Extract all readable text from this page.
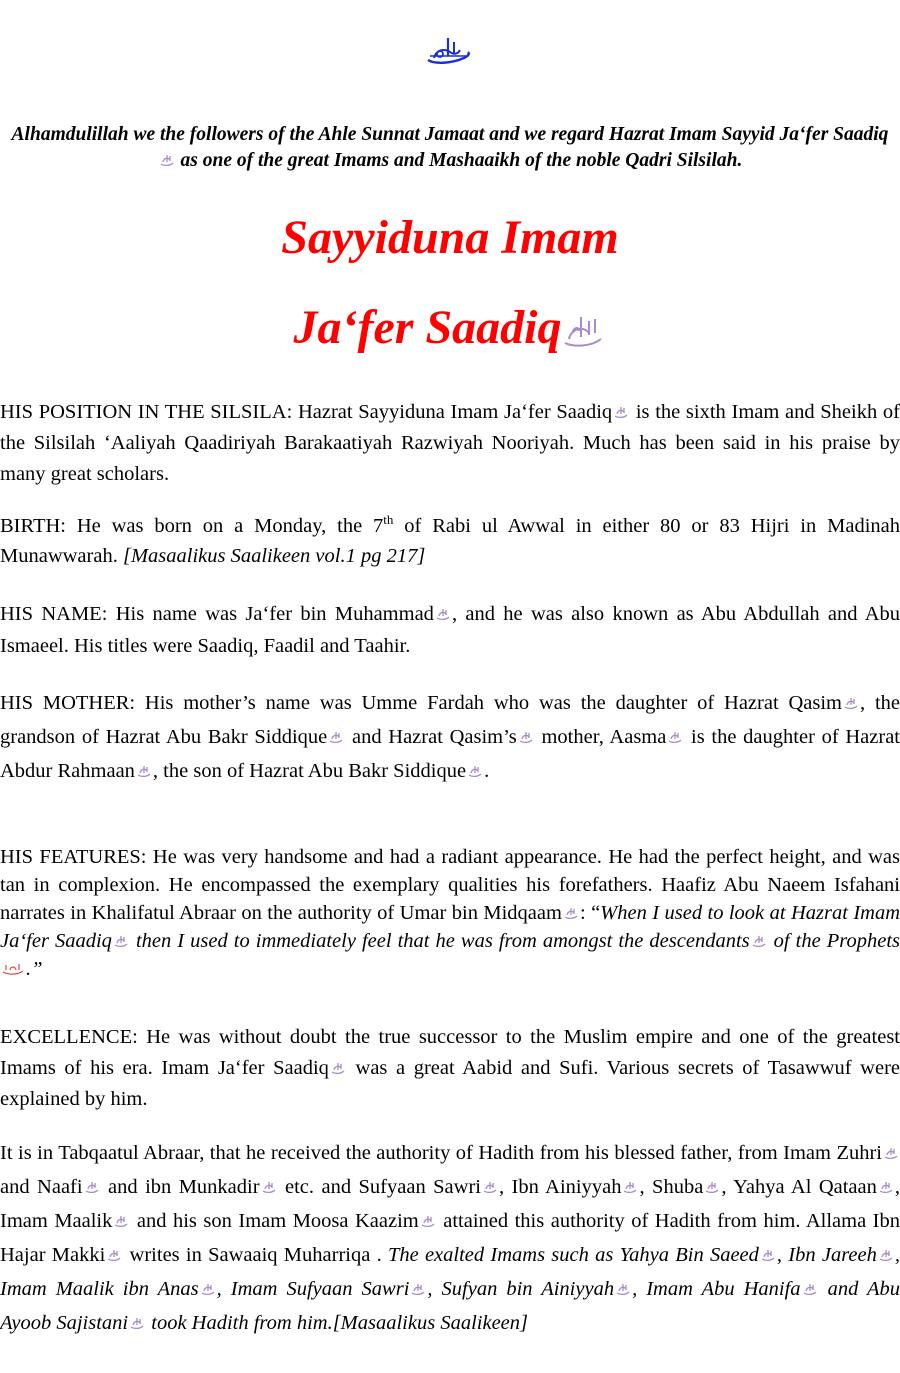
Alhamdulillah we the followers of the Ahle Sunnat Jamaat and we regard Hazrat Imam Sayyid Ja‘fer Saadiq
as one of the great Imams and Mashaaikh of the noble Qadri Silsilah.
Sayyiduna Imam
Ja‘fer Saadiq
HIS POSITION IN THE SILSILA: Hazrat Sayyiduna Imam Ja‘fer Saadiq
is the sixth Imam and Sheikh of the Silsilah ‘Aaliyah Qaadiriyah Barakaatiyah Razwiyah Nooriyah. Much has been said in his praise by many great scholars.
BIRTH: He was born on a Monday, the 7th of Rabi ul Awwal in either 80 or 83 Hijri in Madinah Munawwarah. [Masaalikus Saalikeen vol.1 pg 217]
HIS NAME: His name was Ja‘fer bin Muhammad , and he was also known as Abu Abdullah and Abu Ismaeel. His titles were Saadiq, Faadil and Taahir.
HIS MOTHER: His mother’s name was Umme Fardah who was the daughter of Hazrat Qasim , the grandson of Hazrat Abu Bakr Siddique
and Hazrat Qasim’s
mother, Aasma
is the daughter of Hazrat Abdur Rahmaan , the son of Hazrat Abu Bakr Siddique .
HIS FEATURES: He was very handsome and had a radiant appearance. He had the perfect height, and was tan in complexion. He encompassed the exemplary qualities his forefathers. Haafiz Abu Naeem Isfahani narrates in Khalifatul Abraar on the authority of Umar bin Midqaam : “When I used to look at Hazrat Imam Ja‘fer Saadiq
then I used to immediately feel that he was from amongst the descendants
of the Prophets
.”
EXCELLENCE: He was without doubt the true successor to the Muslim empire and one of the greatest Imams of his era. Imam Ja‘fer Saadiq
was a great Aabid and Sufi. Various secrets of Tasawwuf were explained by him.
It is in Tabqaatul Abraar, that he received the authority of Hadith from his blessed father, from Imam Zuhri
and Naafi
and ibn Munkadir
etc. and Sufyaan Sawri , Ibn Ainiyyah , Shuba , Yahya Al Qataan , Imam Maalik
and his son Imam Moosa Kaazim
attained this authority of Hadith from him. Allama Ibn Hajar Makki
writes in Sawaaiq Muharriqa . The exalted Imams such as Yahya Bin Saeed , Ibn Jareeh , Imam Maalik ibn Anas , Imam Sufyaan Sawri , Sufyan bin Ainiyyah , Imam Abu Hanifa
and Abu Ayoob Sajistani
took Hadith from him.[Masaalikus Saalikeen]
